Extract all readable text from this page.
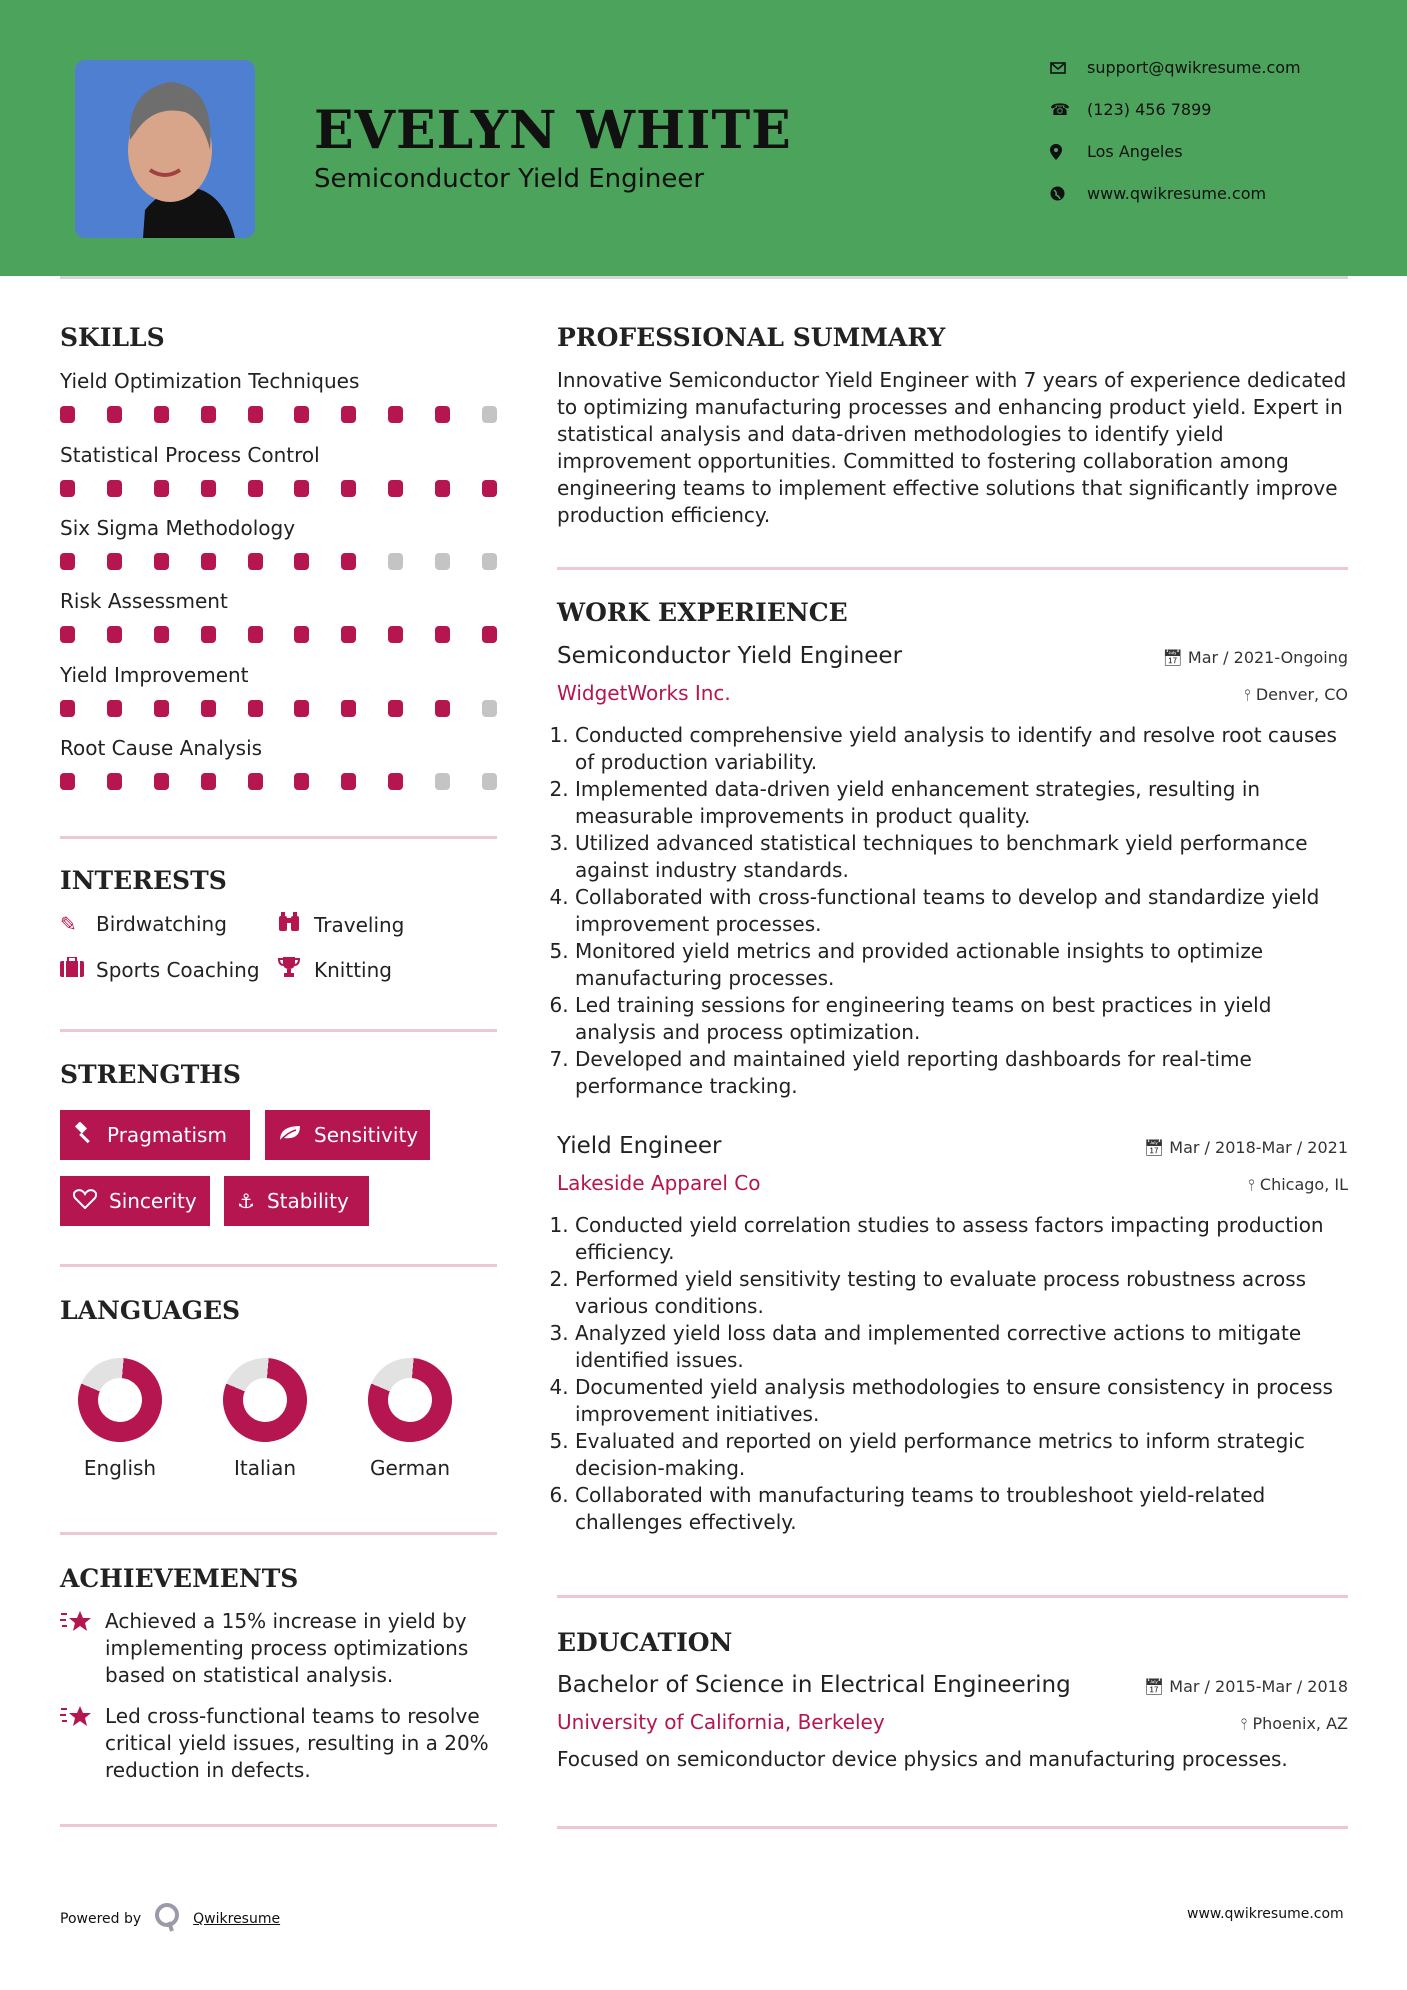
EVELYN WHITE
Semiconductor Yield Engineer
support@qwikresume.com
☎	(123) 456 7899
Los Angeles
www.qwikresume.com
SKILLS
Yield Optimization Techniques
Statistical Process Control
Six Sigma Methodology
Risk Assessment
Yield Improvement
Root Cause Analysis
INTERESTS
✎ Birdwatching	Traveling
Sports Coaching	Knitting
STRENGTHS
Pragmatism	Sensitivity
Sincerity ⚓ Stability
LANGUAGES
English	Italian	German
ACHIEVEMENTS
Achieved a 15% increase in yield by implementing process optimizations based on statistical analysis.
Led cross-functional teams to resolve critical yield issues, resulting in a 20% reduction in defects.
PROFESSIONAL SUMMARY
Innovative Semiconductor Yield Engineer with 7 years of experience dedicated to optimizing manufacturing processes and enhancing product yield. Expert in statistical analysis and data-driven methodologies to identify yield improvement opportunities. Committed to fostering collaboration among engineering teams to implement effective solutions that significantly improve production efficiency.
WORK EXPERIENCE
Semiconductor Yield Engineer	📅︎ Mar / 2021-Ongoing
WidgetWorks Inc.	⫯ Denver, CO
1. Conducted comprehensive yield analysis to identify and resolve root causes of production variability.
2. Implemented data-driven yield enhancement strategies, resulting in measurable improvements in product quality.
3. Utilized advanced statistical techniques to benchmark yield performance against industry standards.
4. Collaborated with cross-functional teams to develop and standardize yield improvement processes.
5. Monitored yield metrics and provided actionable insights to optimize manufacturing processes.
6. Led training sessions for engineering teams on best practices in yield analysis and process optimization.
7. Developed and maintained yield reporting dashboards for real-time performance tracking.
Yield Engineer	📅︎ Mar / 2018-Mar / 2021
Lakeside Apparel Co	⫯ Chicago, IL
1. Conducted yield correlation studies to assess factors impacting production efficiency.
2. Performed yield sensitivity testing to evaluate process robustness across various conditions.
3. Analyzed yield loss data and implemented corrective actions to mitigate identified issues.
4. Documented yield analysis methodologies to ensure consistency in process improvement initiatives.
5. Evaluated and reported on yield performance metrics to inform strategic decision-making.
6. Collaborated with manufacturing teams to troubleshoot yield-related challenges effectively.
EDUCATION
Bachelor of Science in Electrical Engineering	📅︎ Mar / 2015-Mar / 2018
University of California, Berkeley	⫯ Phoenix, AZ
Focused on semiconductor device physics and manufacturing processes.
Powered by	Qwikresume	www.qwikresume.com
